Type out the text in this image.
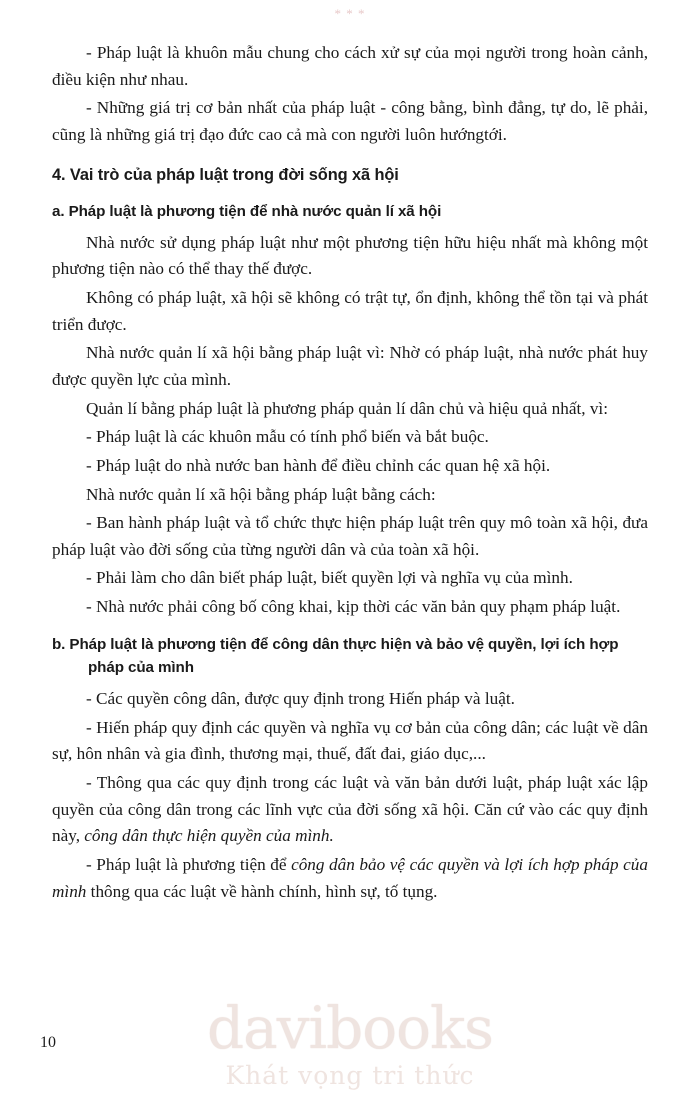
* * *

- Pháp luật là khuôn mẫu chung cho cách xử sự của mọi người trong hoàn cảnh, điều kiện như nhau.

- Những giá trị cơ bản nhất của pháp luật - công bằng, bình đẳng, tự do, lẽ phải, cũng là những giá trị đạo đức cao cả mà con người luôn hướngtới.

4. Vai trò của pháp luật trong đời sống xã hội
a. Pháp luật là phương tiện để nhà nước quản lí xã hội

Nhà nước sử dụng pháp luật như một phương tiện hữu hiệu nhất mà không một phương tiện nào có thể thay thế được.

Không có pháp luật, xã hội sẽ không có trật tự, ổn định, không thể tồn tại và phát triển được.

Nhà nước quản lí xã hội bằng pháp luật vì: Nhờ có pháp luật, nhà nước phát huy được quyền lực của mình.

Quản lí bằng pháp luật là phương pháp quản lí dân chủ và hiệu quả nhất, vì:

- Pháp luật là các khuôn mẫu có tính phổ biến và bắt buộc.

- Pháp luật do nhà nước ban hành để điều chỉnh các quan hệ xã hội.

Nhà nước quản lí xã hội bằng pháp luật bằng cách:

- Ban hành pháp luật và tổ chức thực hiện pháp luật trên quy mô toàn xã hội, đưa pháp luật vào đời sống của từng người dân và của toàn xã hội.

- Phải làm cho dân biết pháp luật, biết quyền lợi và nghĩa vụ của mình.

- Nhà nước phải công bố công khai, kịp thời các văn bản quy phạm pháp luật.

b. Pháp luật là phương tiện để công dân thực hiện và bảo vệ quyền, lợi ích hợp
pháp của mình

- Các quyền công dân, được quy định trong Hiến pháp và luật.

- Hiến pháp quy định các quyền và nghĩa vụ cơ bản của công dân; các luật về dân sự, hôn nhân và gia đình, thương mại, thuế, đất đai, giáo dục,...

- Thông qua các quy định trong các luật và văn bản dưới luật, pháp luật xác lập quyền của công dân trong các lĩnh vực của đời sống xã hội. Căn cứ vào các quy định này, công dân thực hiện quyền của mình.

- Pháp luật là phương tiện để công dân bảo vệ các quyền và lợi ích hợp pháp của mình thông qua các luật về hành chính, hình sự, tố tụng.

10	davibooks
Khát vọng tri thức
